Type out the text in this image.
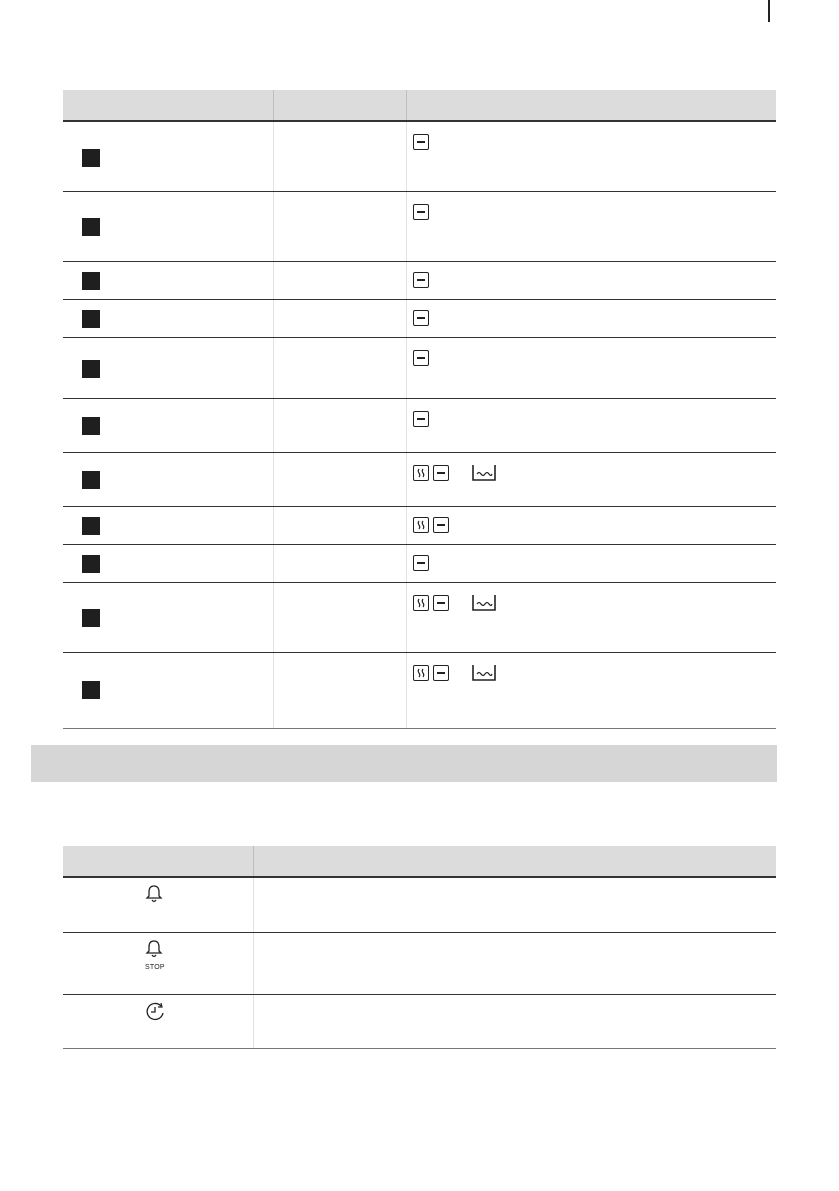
STOP
